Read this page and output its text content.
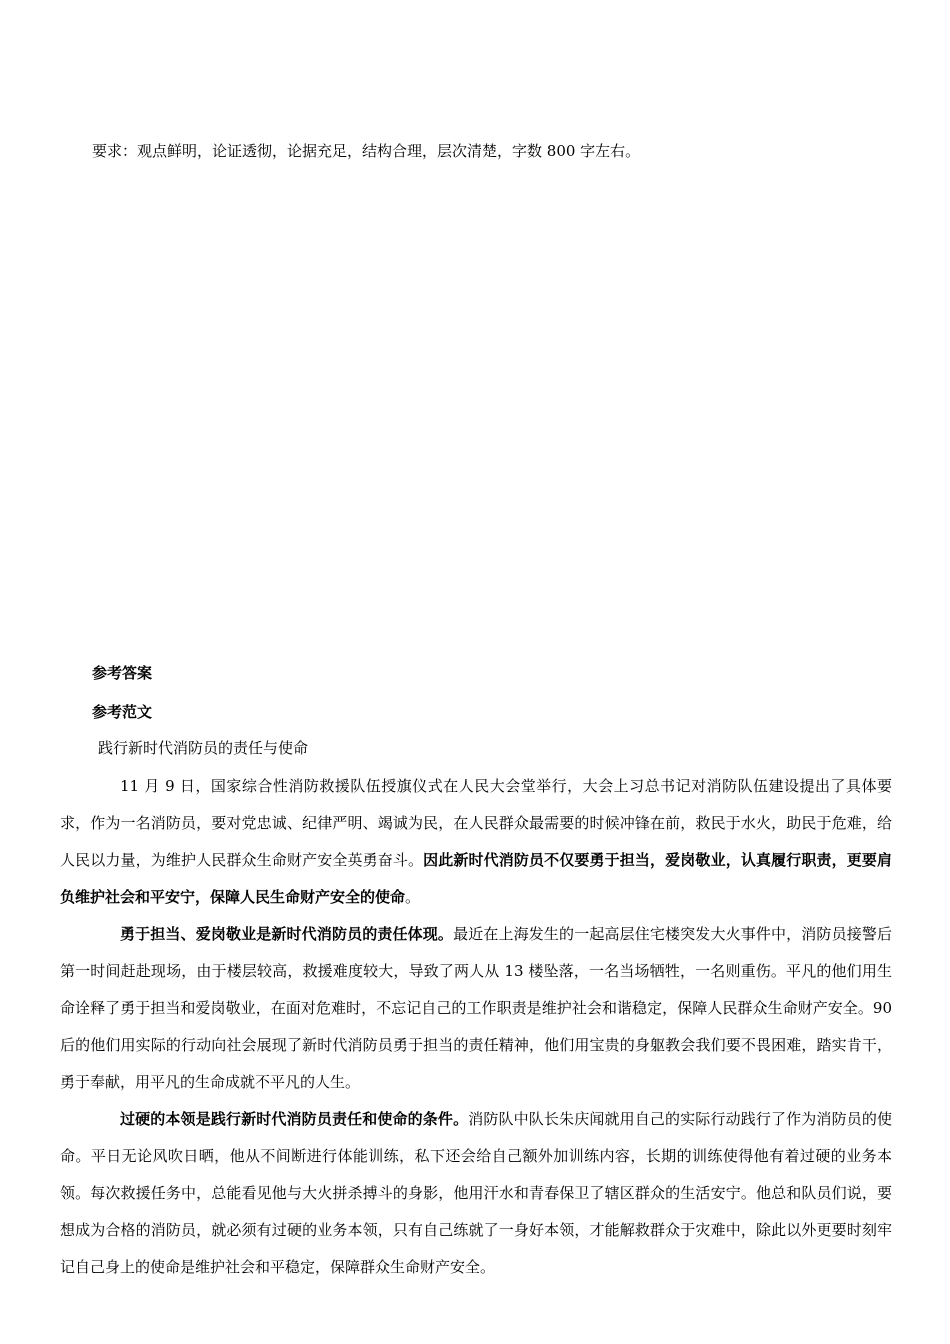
要求：观点鲜明，论证透彻，论据充足，结构合理，层次清楚，字数 800 字左右。
参考答案
参考范文
践行新时代消防员的责任与使命

11 月 9 日，国家综合性消防救援队伍授旗仪式在人民大会堂举行，大会上习总书记对消防队伍建设提出了具体要求，作为一名消防员，要对党忠诚、纪律严明、竭诚为民，在人民群众最需要的时候冲锋在前，救民于水火，助民于危难，给人民以力量，为维护人民群众生命财产安全英勇奋斗。因此新时代消防员不仅要勇于担当，爱岗敬业，认真履行职责，更要肩负维护社会和平安宁，保障人民生命财产安全的使命。

勇于担当、爱岗敬业是新时代消防员的责任体现。最近在上海发生的一起高层住宅楼突发大火事件中，消防员接警后第一时间赶赴现场，由于楼层较高，救援难度较大，导致了两人从 13 楼坠落，一名当场牺牲，一名则重伤。平凡的他们用生命诠释了勇于担当和爱岗敬业，在面对危难时，不忘记自己的工作职责是维护社会和谐稳定，保障人民群众生命财产安全。90 后的他们用实际的行动向社会展现了新时代消防员勇于担当的责任精神，他们用宝贵的身躯教会我们要不畏困难，踏实肯干，勇于奉献，用平凡的生命成就不平凡的人生。

过硬的本领是践行新时代消防员责任和使命的条件。消防队中队长朱庆闻就用自己的实际行动践行了作为消防员的使命。平日无论风吹日晒，他从不间断进行体能训练，私下还会给自己额外加训练内容，长期的训练使得他有着过硬的业务本领。每次救援任务中，总能看见他与大火拼杀搏斗的身影，他用汗水和青春保卫了辖区群众的生活安宁。他总和队员们说，要想成为合格的消防员，就必须有过硬的业务本领，只有自己练就了一身好本领，才能解救群众于灾难中，除此以外更要时刻牢记自己身上的使命是维护社会和平稳定，保障群众生命财产安全。
